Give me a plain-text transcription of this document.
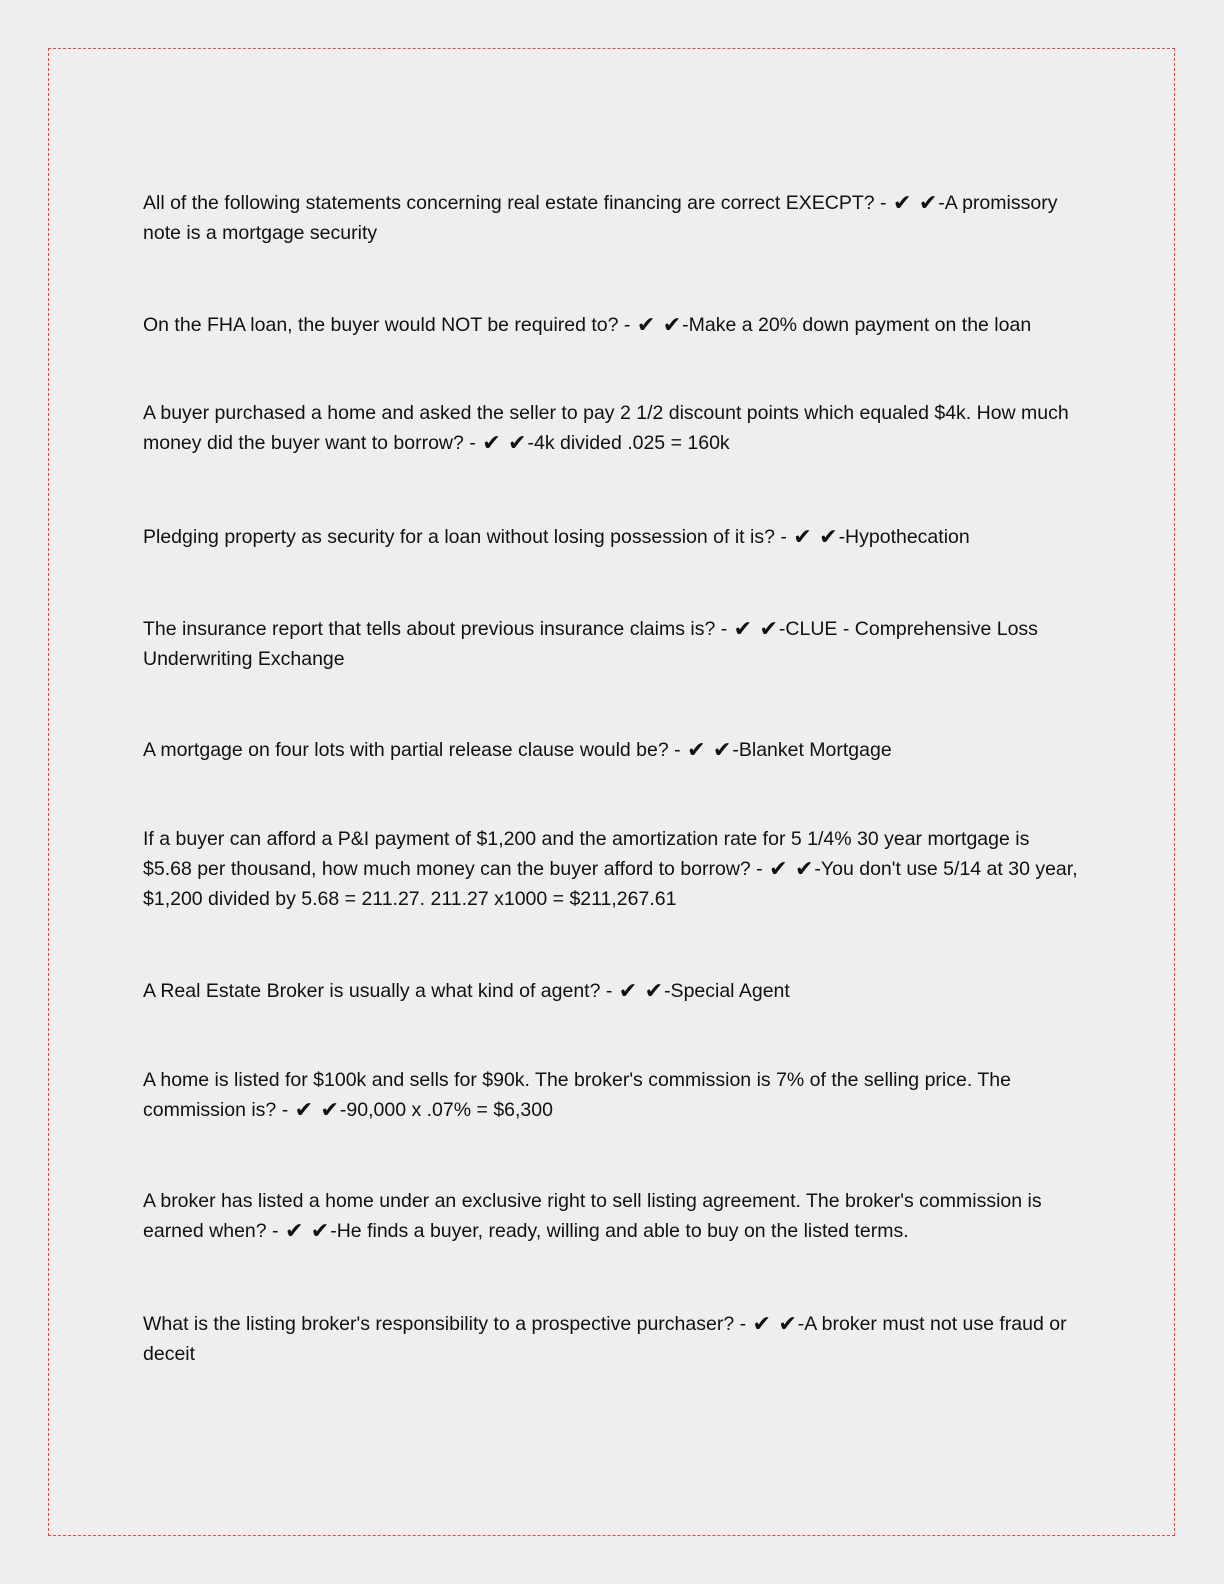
All of the following statements concerning real estate financing are correct EXECPT? - ✔ ✔-A promissory note is a mortgage security

On the FHA loan, the buyer would NOT be required to? - ✔ ✔-Make a 20% down payment on the loan

A buyer purchased a home and asked the seller to pay 2 1/2 discount points which equaled $4k. How much money did the buyer want to borrow? - ✔ ✔-4k divided .025 = 160k

Pledging property as security for a loan without losing possession of it is? - ✔ ✔-Hypothecation

The insurance report that tells about previous insurance claims is? - ✔ ✔-CLUE - Comprehensive Loss Underwriting Exchange

A mortgage on four lots with partial release clause would be? - ✔ ✔-Blanket Mortgage

If a buyer can afford a P&I payment of $1,200 and the amortization rate for 5 1/4% 30 year mortgage is $5.68 per thousand, how much money can the buyer afford to borrow? - ✔ ✔-You don't use 5/14 at 30 year, $1,200 divided by 5.68 = 211.27. 211.27 x1000 = $211,267.61

A Real Estate Broker is usually a what kind of agent? - ✔ ✔-Special Agent

A home is listed for $100k and sells for $90k. The broker's commission is 7% of the selling price. The commission is? - ✔ ✔-90,000 x .07% = $6,300

A broker has listed a home under an exclusive right to sell listing agreement. The broker's commission is earned when? - ✔ ✔-He finds a buyer, ready, willing and able to buy on the listed terms.

What is the listing broker's responsibility to a prospective purchaser? - ✔ ✔-A broker must not use fraud or deceit
